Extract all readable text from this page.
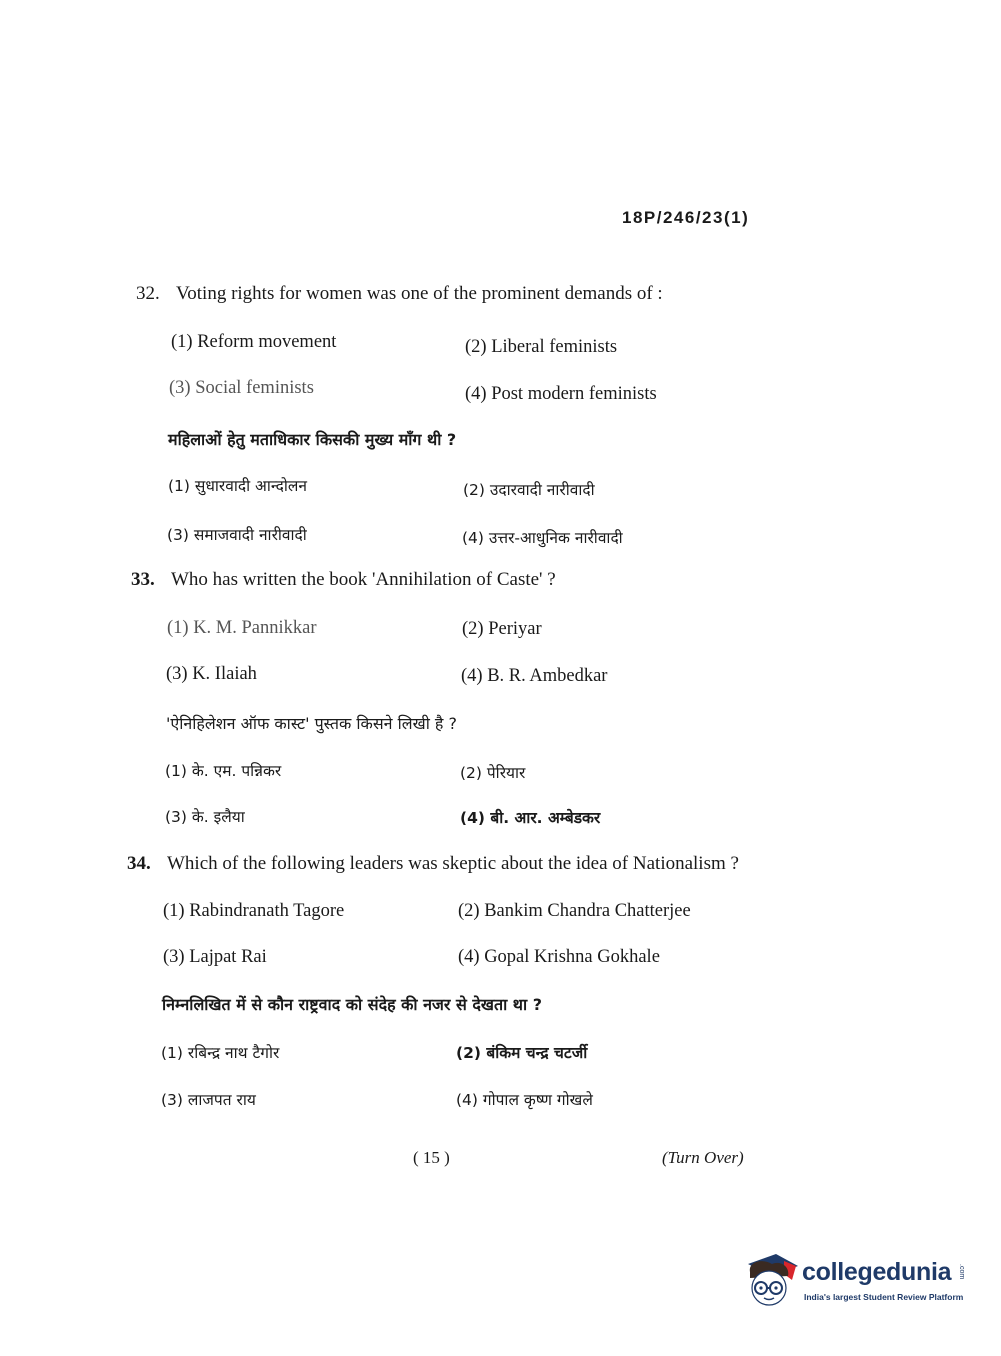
18P/246/23(1)
32. Voting rights for women was one of the prominent demands of :
(1) Reform movement	(2) Liberal feminists
(3) Social feminists	(4) Post modern feminists
महिलाओं हेतु मताधिकार किसकी मुख्य माँग थी ?
(1) सुधारवादी आन्दोलन	(2) उदारवादी नारीवादी
(3) समाजवादी नारीवादी	(4) उत्तर-आधुनिक नारीवादी
33. Who has written the book 'Annihilation of Caste' ?
(1) K. M. Pannikkar	(2) Periyar
(3) K. Ilaiah	(4) B. R. Ambedkar
'ऐनिहिलेशन ऑफ कास्ट' पुस्तक किसने लिखी है ?
(1) के. एम. पन्निकर	(2) पेरियार
(3) के. इलैया	(4) बी. आर. अम्बेडकर
34. Which of the following leaders was skeptic about the idea of Nationalism ?
(1) Rabindranath Tagore	(2) Bankim Chandra Chatterjee
(3) Lajpat Rai	(4) Gopal Krishna Gokhale
निम्नलिखित में से कौन राष्ट्रवाद को संदेह की नजर से देखता था ?
(1) रबिन्द्र नाथ टैगोर	(2) बंकिम चन्द्र चटर्जी
(3) लाजपत राय	(4) गोपाल कृष्ण गोखले
( 15 )	(Turn Over)
collegedunia .com
India's largest Student Review Platform
